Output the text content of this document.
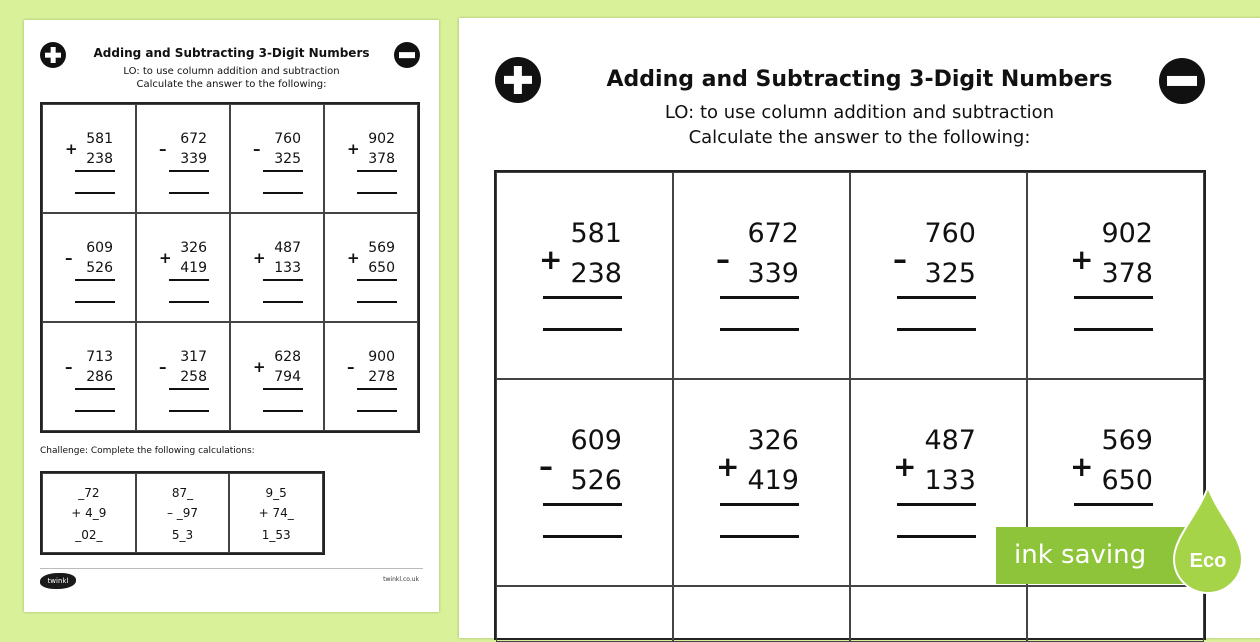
Adding and Subtracting 3-Digit Numbers
LO: to use column addition and subtraction
Calculate the answer to the following:
581
+
238
672
–
339
760
–
325
902
+
378
609
–
526
326
+
419
487
+
133
569
+
650
713
–
286
317
–
258
628
+
794
900
–
278
Challenge: Complete the following calculations:
_72
+ 4_9
_02_
87_
– _97
5_3
9_5
+ 74_
1_53
twinkl	twinkl.co.uk
Adding and Subtracting 3-Digit Numbers
LO: to use column addition and subtraction
Calculate the answer to the following:
581
+ 238
672
– 339
760
– 325
902
+ 378
609
– 526
326
+ 419
487
+ 133
569
+ 650
ink saving	Eco
